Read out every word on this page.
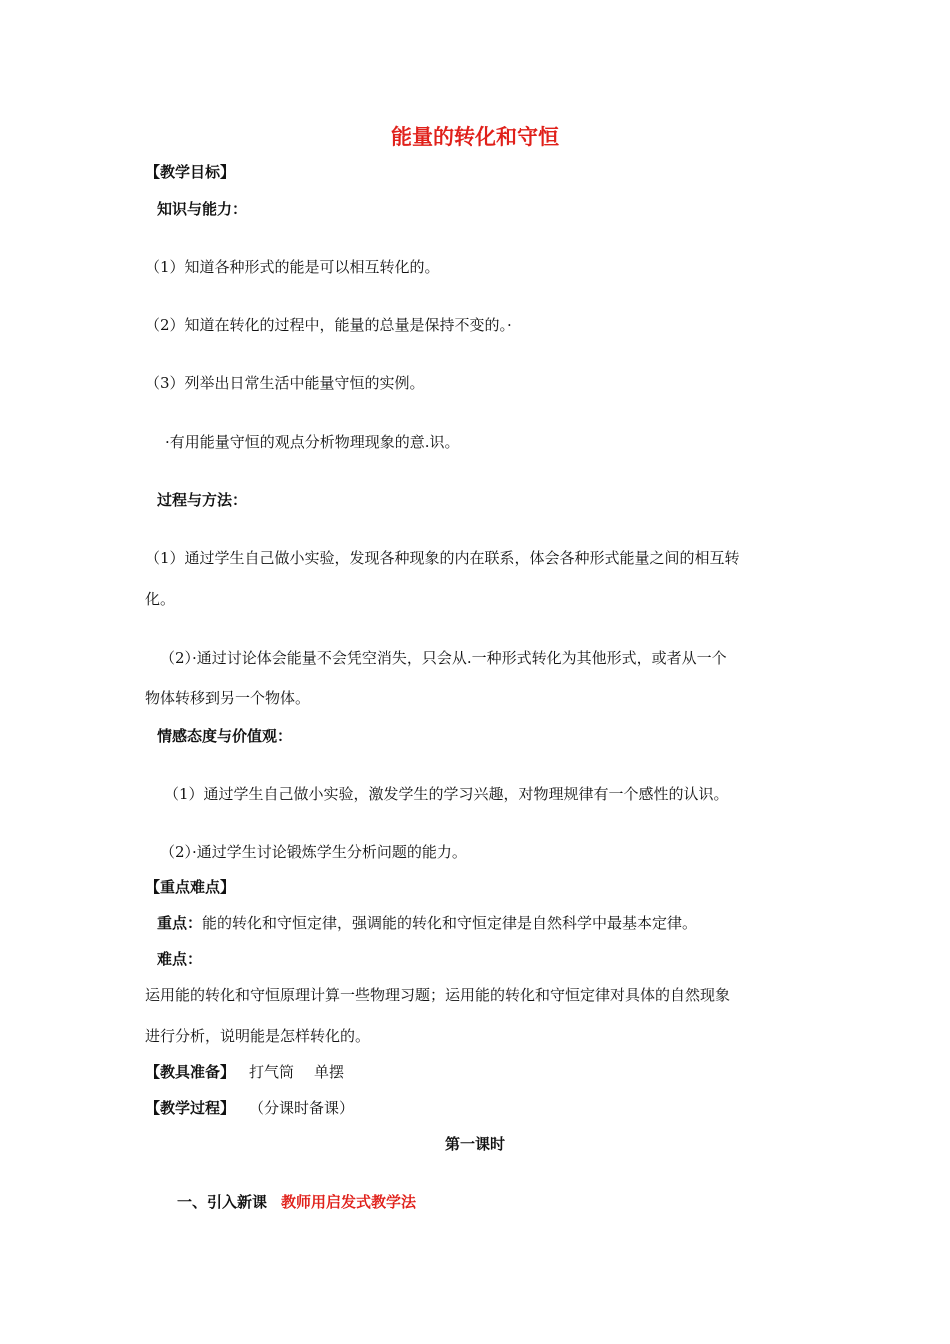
能量的转化和守恒
【教学目标】
知识与能力：
（1）知道各种形式的能是可以相互转化的。
（2）知道在转化的过程中，能量的总量是保持不变的。·
（3）列举出日常生活中能量守恒的实例。
·有用能量守恒的观点分析物理现象的意.识。
过程与方法：
（1）通过学生自己做小实验，发现各种现象的内在联系，体会各种形式能量之间的相互转
化。
（2）·通过讨论体会能量不会凭空消失，只会从.一种形式转化为其他形式，或者从一个
物体转移到另一个物体。
情感态度与价值观：
（1）通过学生自己做小实验，激发学生的学习兴趣，对物理规律有一个感性的认识。
（2）·通过学生讨论锻炼学生分析问题的能力。
【重点难点】
重点：能的转化和守恒定律，强调能的转化和守恒定律是自然科学中最基本定律。
难点：
运用能的转化和守恒原理计算一些物理习题；运用能的转化和守恒定律对具体的自然现象
进行分析，说明能是怎样转化的。
【教具准备】 打气筒 单摆
【教学过程】 （分课时备课）
第一课时
一、引入新课 教师用启发式教学法
